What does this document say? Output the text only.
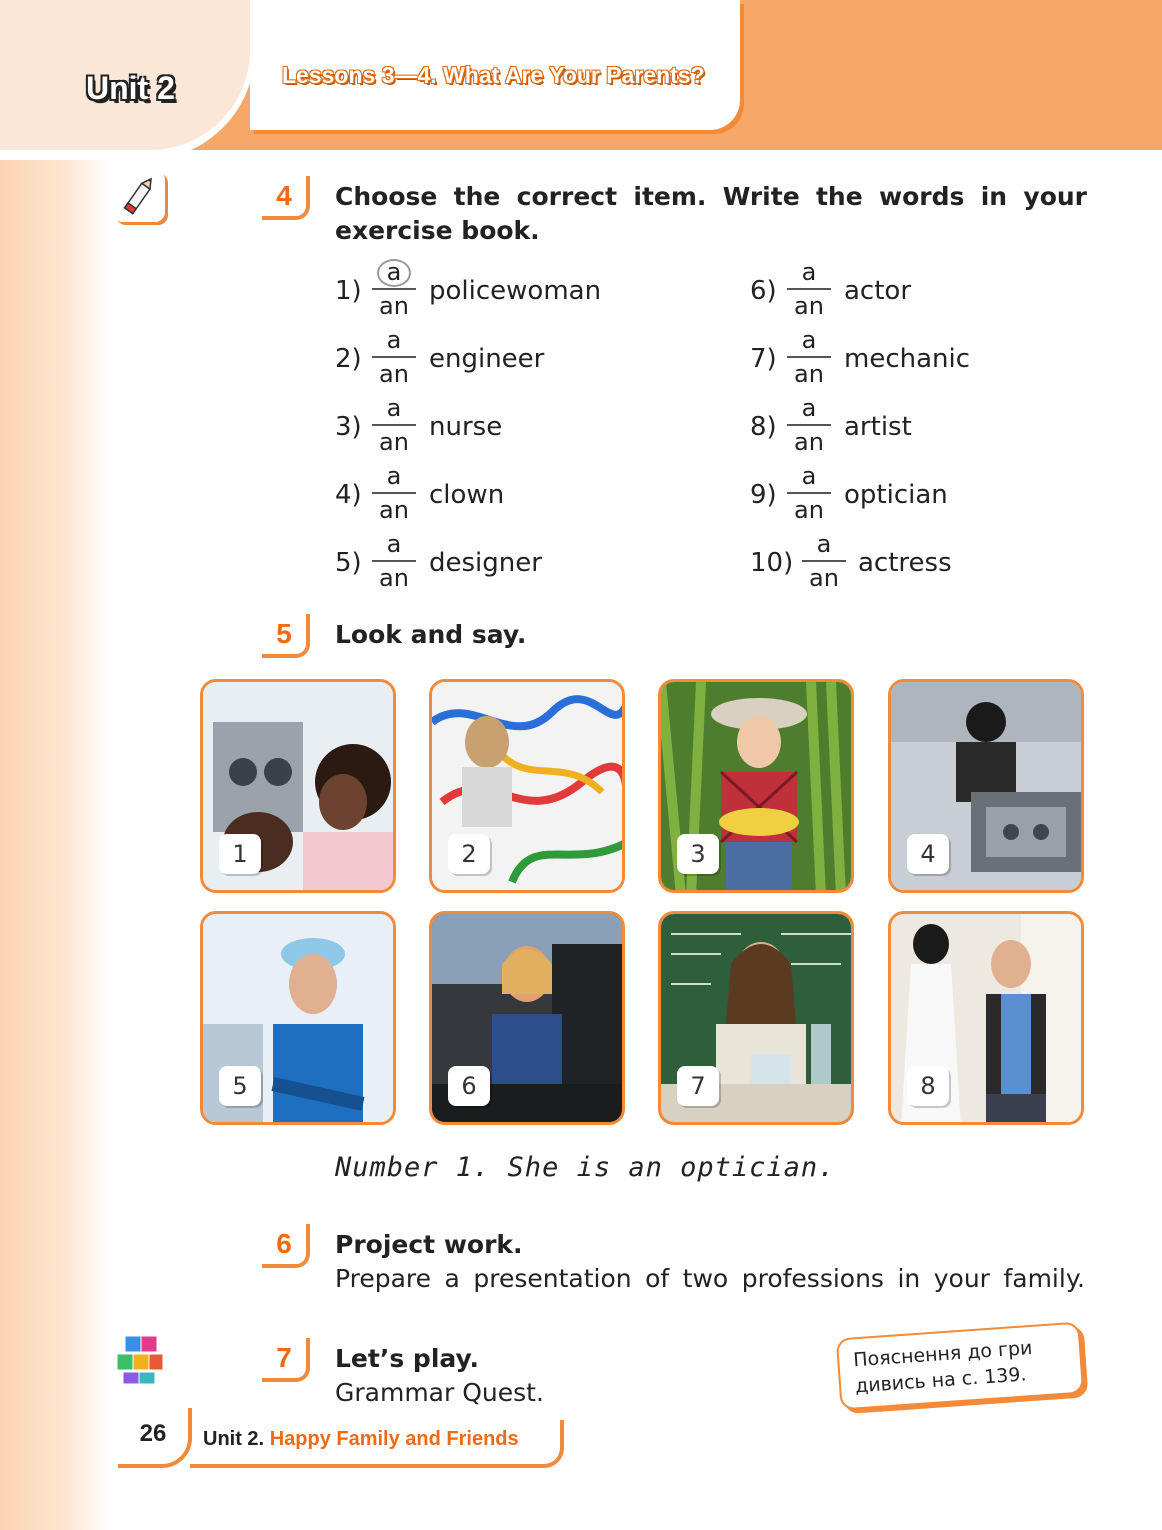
Unit 2	Lessons 3—4. What Are Your Parents?
4	Choose the correct item. Write the words in your
exercise book.
1)
a
an policewoman
2)
a
an engineer
3)
a
an nurse
4)
a
an clown
5)
a
an designer
6)
a
an actor
7)
a
an mechanic
8)
a
an artist
9)
a
an optician
10)
a
an actress
5	Look and say.
1	2	3	4
5	6	7	8
Number 1. She is an optician.
6	Project work.
Prepare a presentation of two professions in your family.
7	Let’s play.
Grammar Quest.
Пояснення до гри
дивись на с. 139.
26	Unit 2. Happy Family and Friends
